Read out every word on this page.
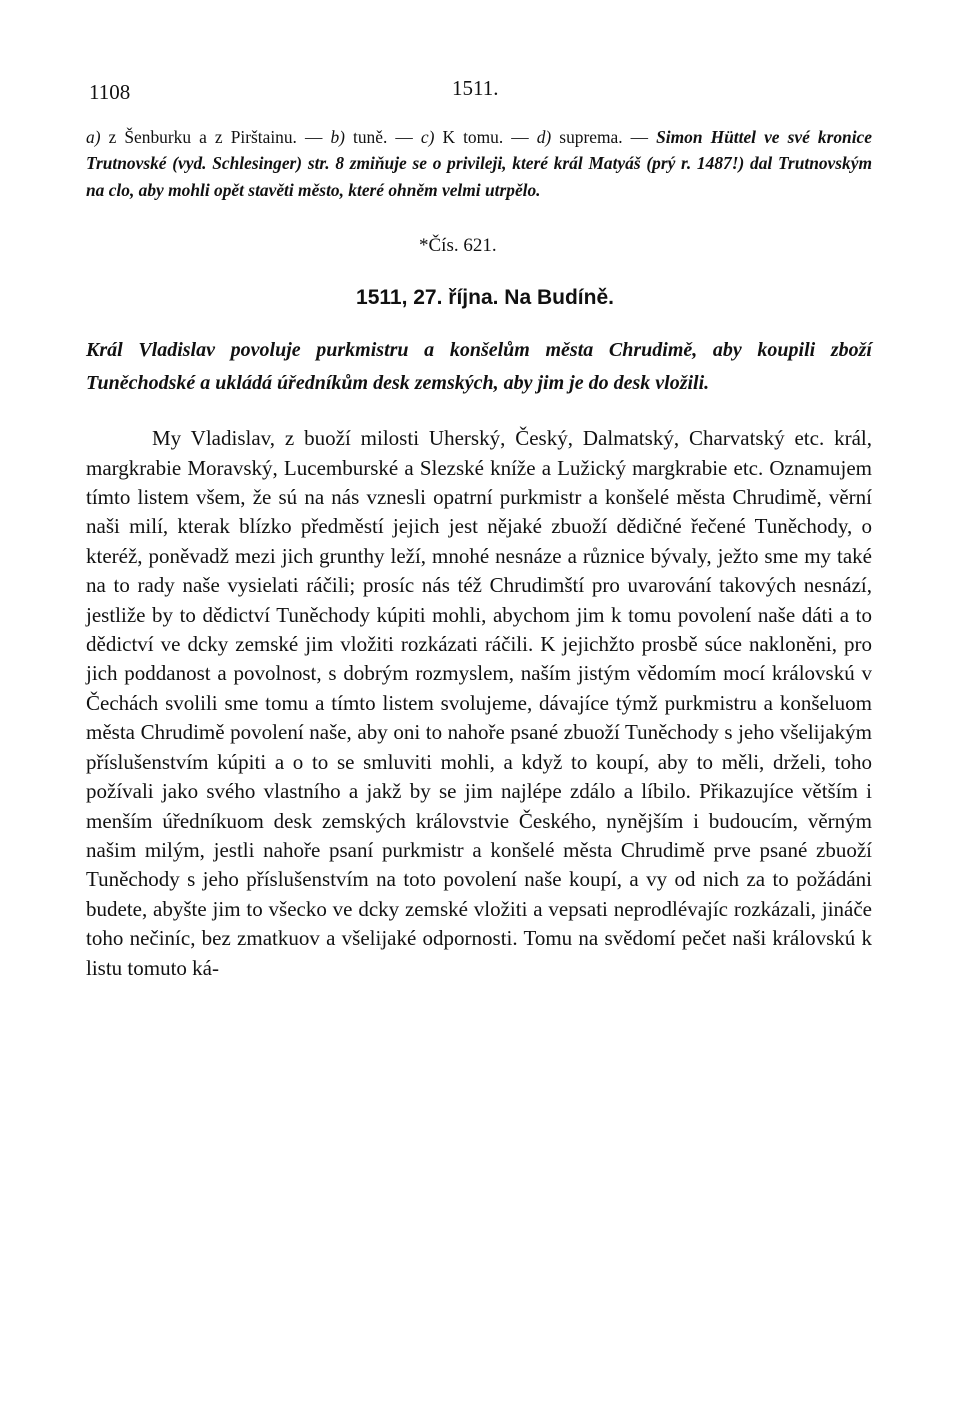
1108	1511.
a) z Šenburku a z Pirštainu. — b) tuně. — c) K tomu. — d) suprema. — Simon Hüttel ve své kronice Trutnovské (vyd. Schlesinger) str. 8 zmiňuje se o privileji, které král Matyáš (prý r. 1487!) dal Trutnovským na clo, aby mohli opět stavěti město, které ohněm velmi utrpělo.
*Čís. 621.
1511, 27. října. Na Budíně.
Král Vladislav povoluje purkmistru a konšelům města Chrudimě, aby koupili zboží Tuněchodské a ukládá úředníkům desk zemských, aby jim je do desk vložili.
My Vladislav, z buoží milosti Uherský, Český, Dalmatský, Charvatský etc. král, margkrabie Moravský, Lucemburské a Slezské kníže a Lužický margkrabie etc. Oznamujem tímto listem všem, že sú na nás vznesli opatrní purkmistr a konšelé města Chrudimě, věrní naši milí, kterak blízko předměstí jejich jest nějaké zbuoží dědičné řečené Tuněchody, o kteréž, poněvadž mezi jich grunthy leží, mnohé nesnáze a různice bývaly, ježto sme my také na to rady naše vysielati ráčili; prosíc nás též Chrudimští pro uvarování takových nesnází, jestliže by to dědictví Tuněchody kúpiti mohli, abychom jim k tomu povolení naše dáti a to dědictví ve dcky zemské jim vložiti rozkázati ráčili. K jejichžto prosbě súce nakloněni, pro jich poddanost a povolnost, s dobrým rozmyslem, naším jistým vědomím mocí královskú v Čechách svolili sme tomu a tímto listem svolujeme, dávajíce týmž purkmistru a konšeluom města Chrudimě povolení naše, aby oni to nahoře psané zbuoží Tuněchody s jeho všelijakým příslušenstvím kúpiti a o to se smluviti mohli, a když to koupí, aby to měli, drželi, toho požívali jako svého vlastního a jakž by se jim najlépe zdálo a líbilo. Přikazujíce větším i menším úředníkuom desk zemských královstvie Českého, nynějším i budoucím, věrným našim milým, jestli nahoře psaní purkmistr a konšelé města Chrudimě prve psané zbuoží Tuněchody s jeho příslušenstvím na toto povolení naše koupí, a vy od nich za to požádáni budete, abyšte jim to všecko ve dcky zemské vložiti a vepsati neprodlévajíc rozkázali, jináče toho nečiníc, bez zmatkuov a všelijaké odpornosti. Tomu na svědomí pečet naši královskú k listu tomuto ká-
